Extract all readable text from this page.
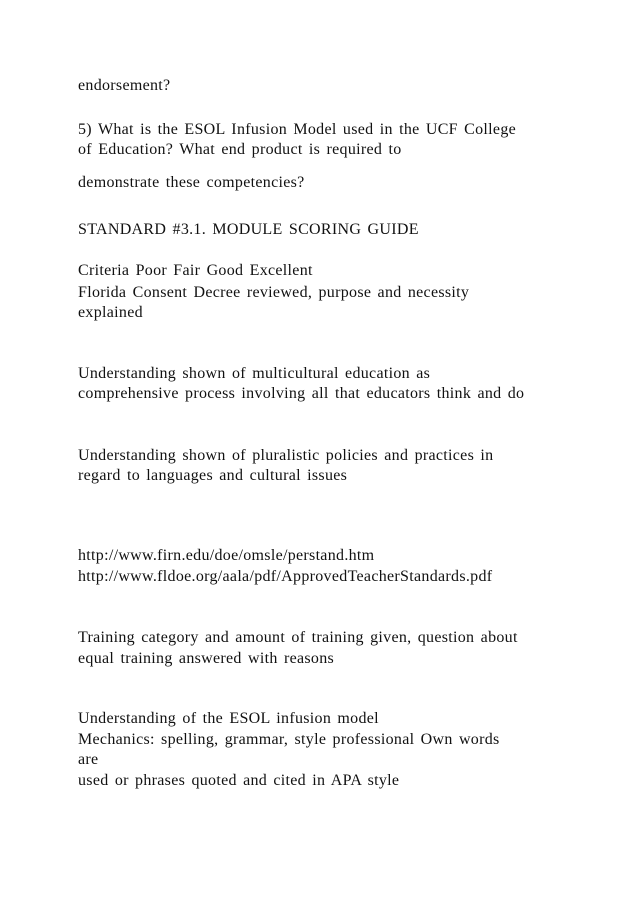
endorsement?
5) What is the ESOL Infusion Model used in the UCF College
of Education? What end product is required to
demonstrate these competencies?
STANDARD #3.1. MODULE SCORING GUIDE
Criteria Poor Fair Good Excellent
Florida Consent Decree reviewed, purpose and necessity
explained
Understanding shown of multicultural education as
comprehensive process involving all that educators think and do
Understanding shown of pluralistic policies and practices in
regard to languages and cultural issues
http://www.firn.edu/doe/omsle/perstand.htm
http://www.fldoe.org/aala/pdf/ApprovedTeacherStandards.pdf
Training category and amount of training given, question about
equal training answered with reasons
Understanding of the ESOL infusion model
Mechanics: spelling, grammar, style professional Own words
are
used or phrases quoted and cited in APA style
